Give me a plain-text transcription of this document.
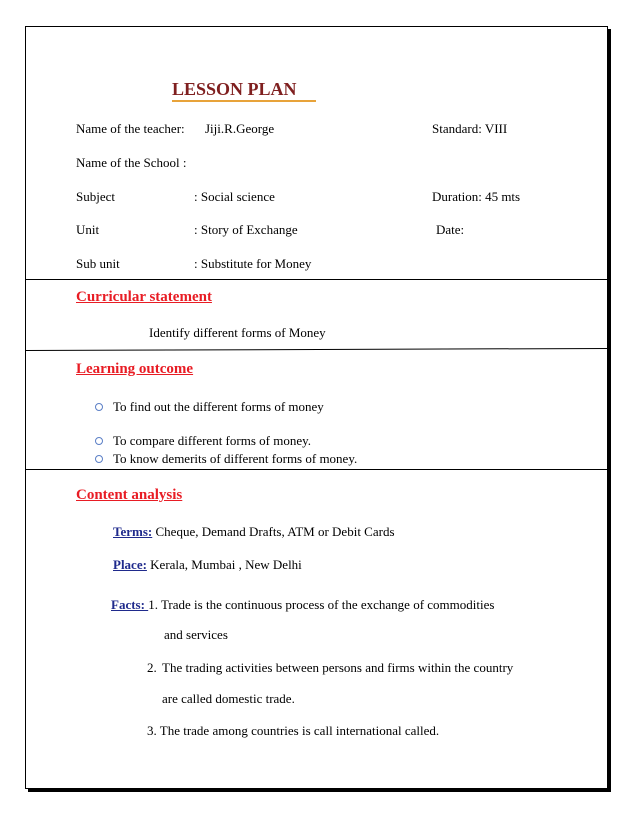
LESSON PLAN
Name of the teacher: Jiji.R.George	Standard: VIII
Name of the School :
Subject	: Social science	Duration: 45 mts
Unit	: Story of Exchange	Date:
Sub unit	: Substitute for Money
Curricular statement
Identify different forms of Money
Learning outcome
To find out the different forms of money
To compare different forms of money.
To know demerits of different forms of money.
Content analysis
Terms: Cheque, Demand Drafts, ATM or Debit Cards
Place: Kerala, Mumbai , New Delhi
Facts: 1. Trade is the continuous process of the exchange of commodities
and services
2. The trading activities between persons and firms within the country
are called domestic trade.
3. The trade among countries is call international called.
